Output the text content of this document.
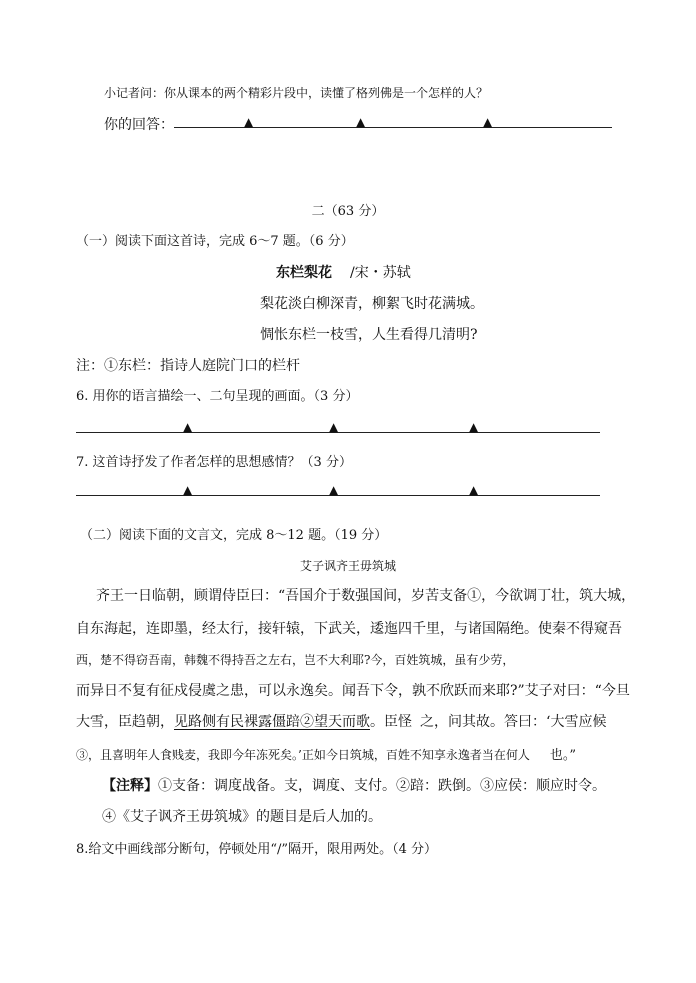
小记者问：你从课本的两个精彩片段中，读懂了格列佛是一个怎样的人？
你的回答：	▲	▲	▲
二（63 分）
（一）阅读下面这首诗，完成 6～7 题。（6 分）
东栏梨花 /宋・苏轼
梨花淡白柳深青，柳絮飞时花满城。
惆怅东栏一枝雪，人生看得几清明?
注：①东栏：指诗人庭院门口的栏杆
6. 用你的语言描绘一、二句呈现的画面。（3 分）
▲	▲	▲
7. 这首诗抒发了作者怎样的思想感情？（3 分）
▲	▲	▲
（二）阅读下面的文言文，完成 8～12 题。（19 分）
艾子讽齐王毋筑城
齐王一日临朝，顾谓侍臣曰：“吾国介于数强国间，岁苦支备①，今欲调丁壮，筑大城，
自东海起，连即墨，经太行，接轩辕，下武关，逶迤四千里，与诸国隔绝。使秦不得窥吾
西，楚不得窃吾南，韩魏不得持吾之左右，岂不大利耶?今，百姓筑城，虽有少劳，
而异日不复有征戍侵虞之患，可以永逸矣。闻吾下令，孰不欣跃而来耶?”艾子对曰：“今旦
大雪，臣趋朝，见路侧有民裸露僵踣②望天而歌。臣怪 之，问其故。答曰：‘大雪应候
③，且喜明年人食贱麦，我即今年冻死矣。’正如今日筑城，百姓不知享永逸者当在何人 也。”
【注释】①支备：调度战备。支，调度、支付。②踣：跌倒。③应侯：顺应时令。
④《艾子讽齐王毋筑城》的题目是后人加的。
8.给文中画线部分断句，停顿处用“/”隔开，限用两处。（4 分）
